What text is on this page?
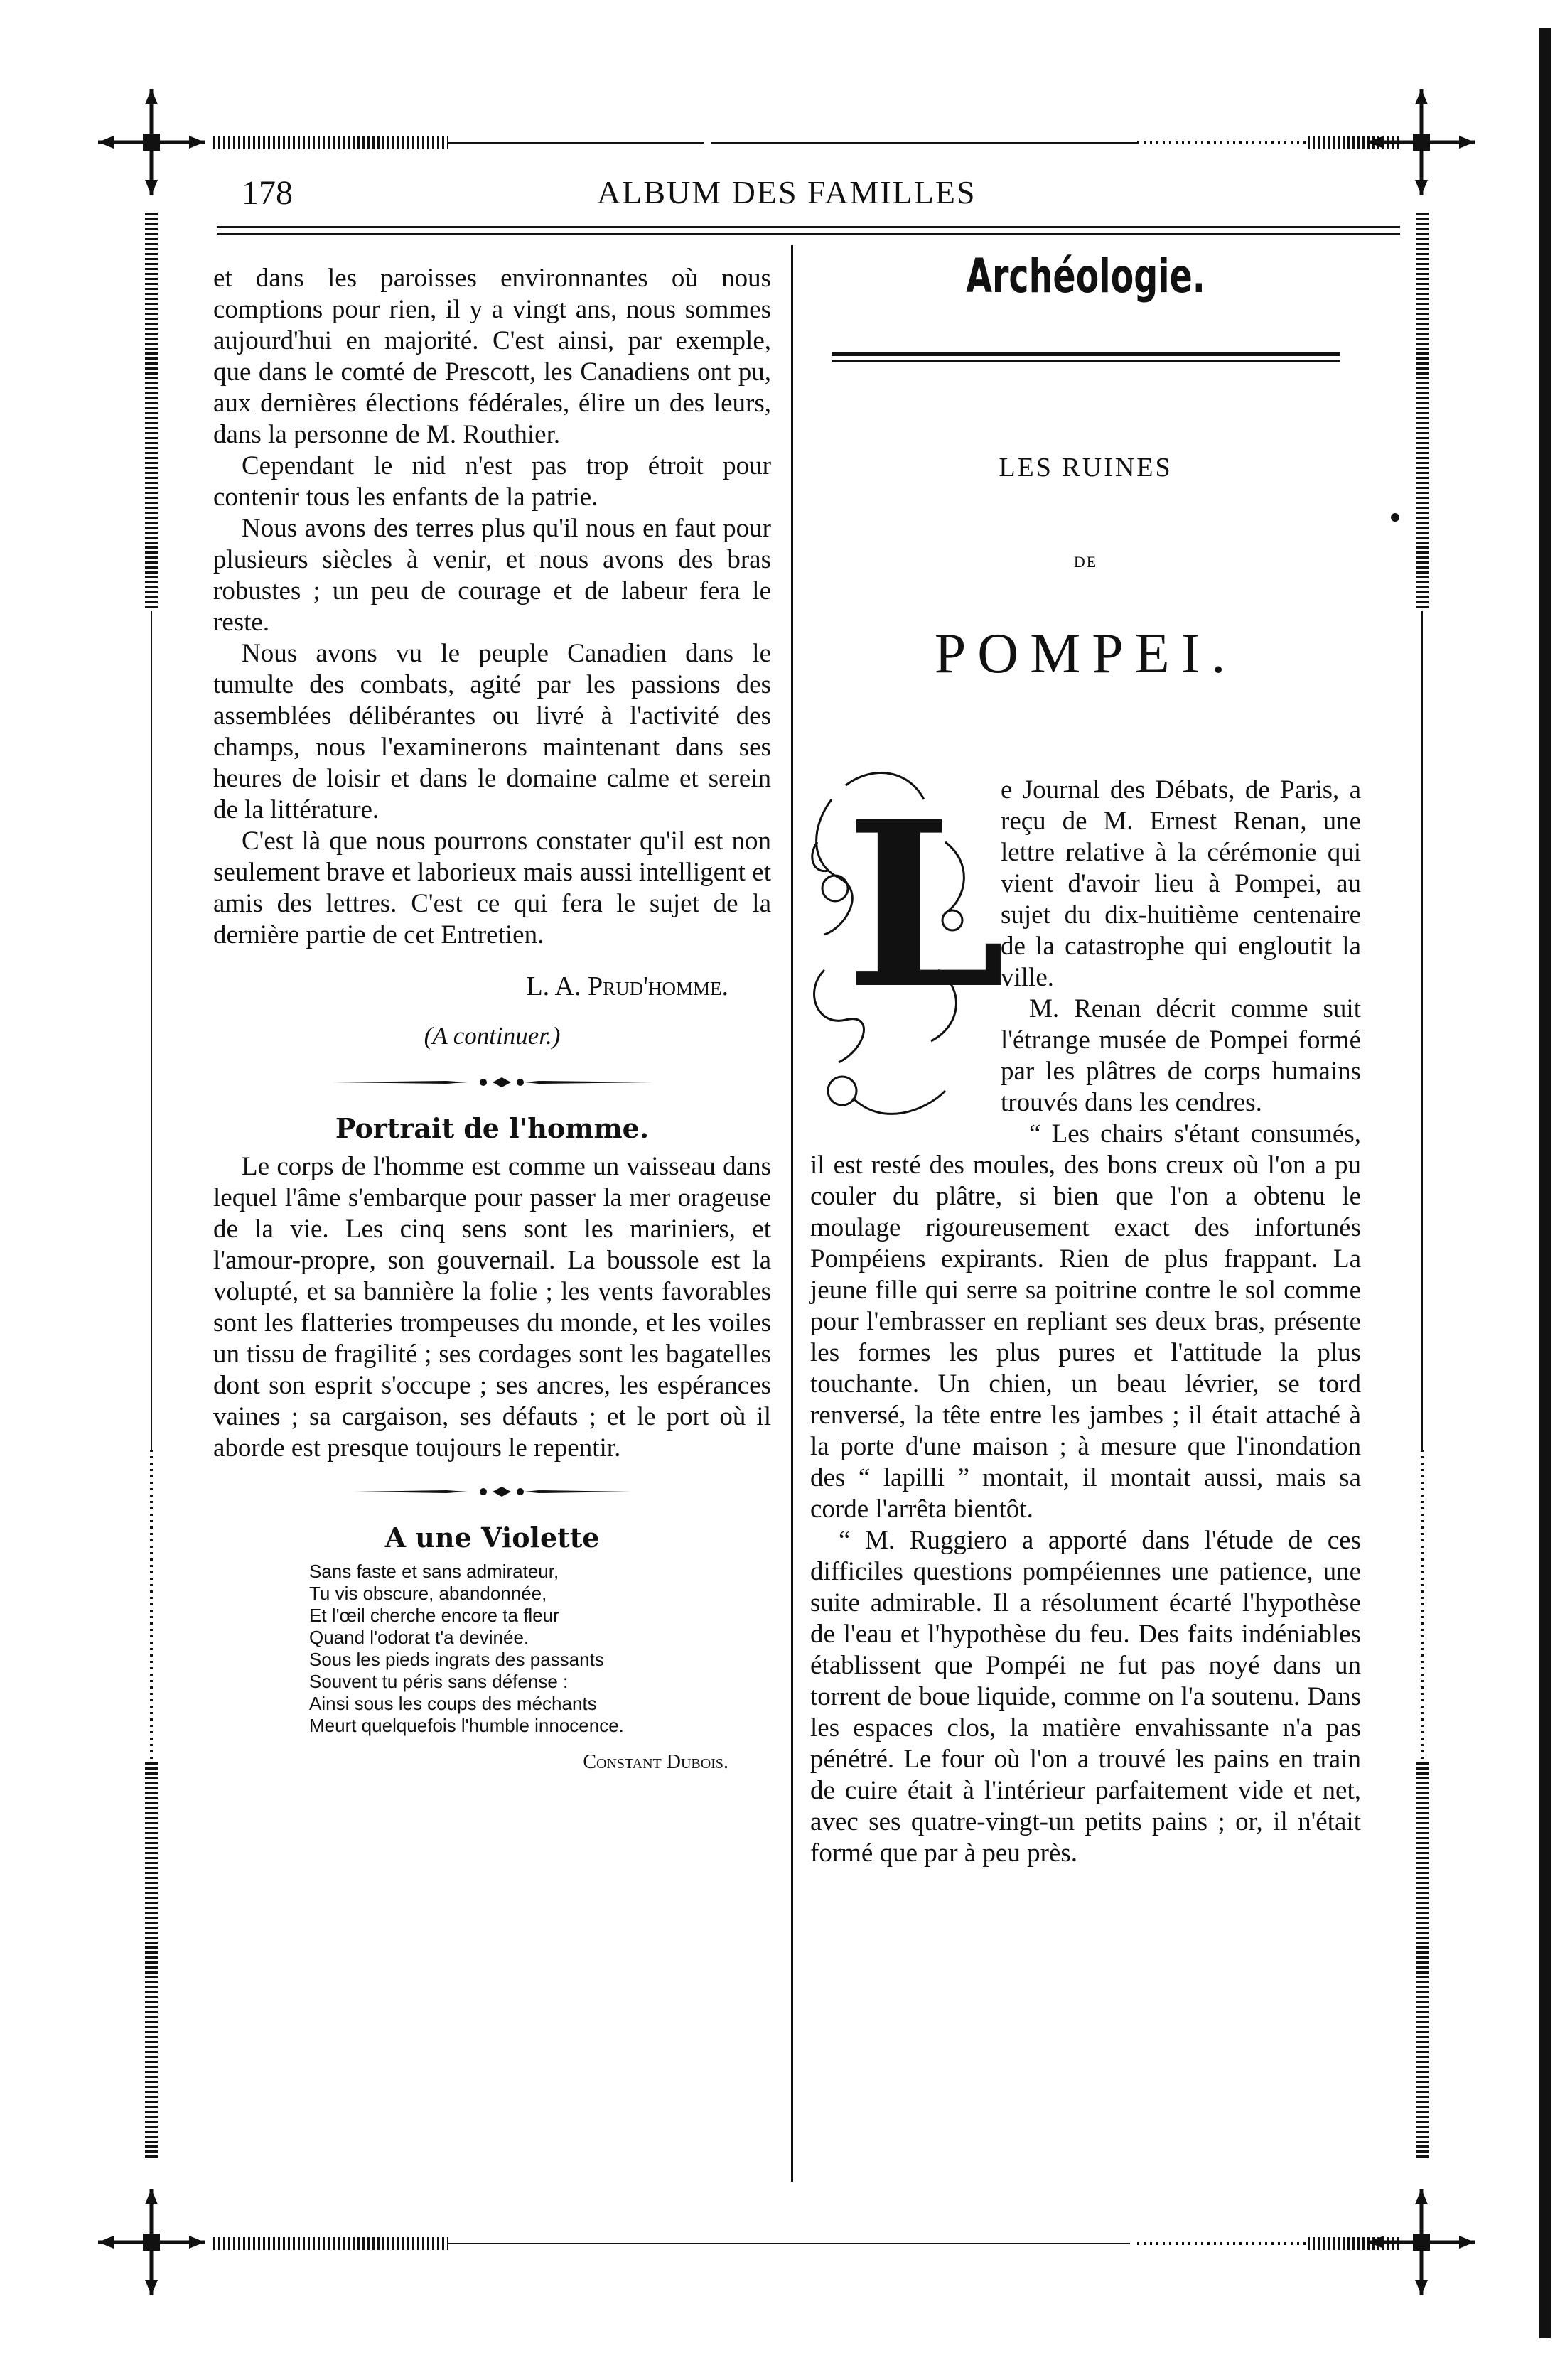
178	ALBUM DES FAMILLES

et dans les paroisses environnantes où nous comptions pour rien, il y a vingt ans, nous sommes aujourd'hui en majorité. C'est ainsi, par exemple, que dans le comté de Prescott, les Canadiens ont pu, aux dernières élections fédérales, élire un des leurs, dans la personne de M. Routhier.

Cependant le nid n'est pas trop étroit pour contenir tous les enfants de la patrie.

Nous avons des terres plus qu'il nous en faut pour plusieurs siècles à venir, et nous avons des bras robustes ; un peu de courage et de labeur fera le reste.

Nous avons vu le peuple Canadien dans le tumulte des combats, agité par les passions des assemblées délibérantes ou livré à l'activité des champs, nous l'examinerons maintenant dans ses heures de loisir et dans le domaine calme et serein de la littérature.

C'est là que nous pourrons constater qu'il est non seulement brave et laborieux mais aussi intelligent et amis des lettres. C'est ce qui fera le sujet de la dernière partie de cet Entretien.

L. A. Prud'homme.

(A continuer.)

Portrait de l'homme.

Le corps de l'homme est comme un vaisseau dans lequel l'âme s'embarque pour passer la mer orageuse de la vie. Les cinq sens sont les mariniers, et l'amour-propre, son gouvernail. La boussole est la volupté, et sa bannière la folie ; les vents favorables sont les flatteries trompeuses du monde, et les voiles un tissu de fragilité ; ses cordages sont les bagatelles dont son esprit s'occupe ; ses ancres, les espérances vaines ; sa cargaison, ses défauts ; et le port où il aborde est presque toujours le repentir.

A une Violette

Sans faste et sans admirateur,
Tu vis obscure, abandonnée,
Et l'œil cherche encore ta fleur
Quand l'odorat t'a devinée.
Sous les pieds ingrats des passants
Souvent tu péris sans défense :
Ainsi sous les coups des méchants
Meurt quelquefois l'humble innocence.

Constant Dubois.

Archéologie.
LES RUINES
DE
POMPEI.
L

e Journal des Débats, de Paris, a reçu de M. Ernest Renan, une lettre relative à la cérémonie qui vient d'avoir lieu à Pompei, au sujet du dix-huitième centenaire de la catastrophe qui engloutit la ville.

M. Renan décrit comme suit l'étrange musée de Pompei formé par les plâtres de corps humains trouvés dans les cendres.

“ Les chairs s'étant consumés, il est resté des moules, des bons creux où l'on a pu couler du plâtre, si bien que l'on a obtenu le moulage rigoureusement exact des infortunés Pompéiens expirants. Rien de plus frappant. La jeune fille qui serre sa poitrine contre le sol comme pour l'embrasser en repliant ses deux bras, présente les formes les plus pures et l'attitude la plus touchante. Un chien, un beau lévrier, se tord renversé, la tête entre les jambes ; il était attaché à la porte d'une maison ; à mesure que l'inondation des “ lapilli ” montait, il montait aussi, mais sa corde l'arrêta bientôt.

“ M. Ruggiero a apporté dans l'étude de ces difficiles questions pompéiennes une patience, une suite admirable. Il a résolument écarté l'hypothèse de l'eau et l'hypothèse du feu. Des faits indéniables établissent que Pompéi ne fut pas noyé dans un torrent de boue liquide, comme on l'a soutenu. Dans les espaces clos, la matière envahissante n'a pas pénétré. Le four où l'on a trouvé les pains en train de cuire était à l'intérieur parfaitement vide et net, avec ses quatre-vingt-un petits pains ; or, il n'était formé que par à peu près.
